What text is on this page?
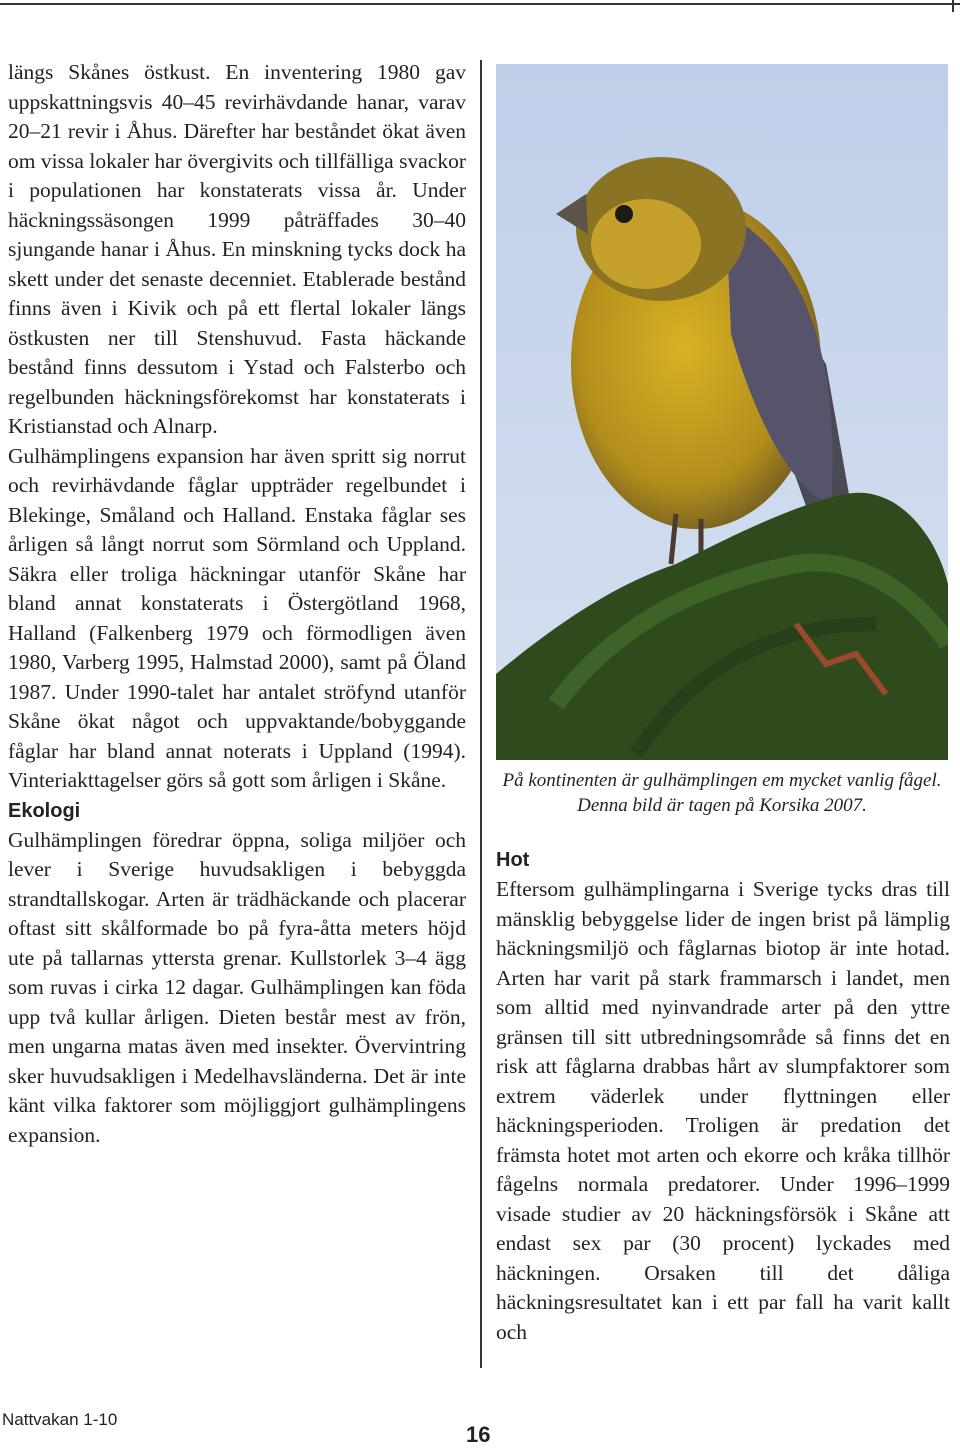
längs Skånes östkust. En inventering 1980 gav uppskattningsvis 40–45 revirhävdande hanar, varav 20–21 revir i Åhus. Därefter har beståndet ökat även om vissa lokaler har övergivits och tillfälliga svackor i populationen har konstaterats vissa år. Under häckningssäsongen 1999 påträffades 30–40 sjungande hanar i Åhus. En minskning tycks dock ha skett under det senaste decenniet. Etablerade bestånd finns även i Kivik och på ett flertal lokaler längs östkusten ner till Stenshuvud. Fasta häckande bestånd finns dessutom i Ystad och Falsterbo och regelbunden häckningsförekomst har konstaterats i Kristianstad och Alnarp.

Gulhämplingens expansion har även spritt sig norrut och revirhävdande fåglar uppträder regelbundet i Blekinge, Småland och Halland. Enstaka fåglar ses årligen så långt norrut som Sörmland och Uppland. Säkra eller troliga häckningar utanför Skåne har bland annat konstaterats i Östergötland 1968, Halland (Falkenberg 1979 och förmodligen även 1980, Varberg 1995, Halmstad 2000), samt på Öland 1987. Under 1990-talet har antalet ströfynd utanför Skåne ökat något och uppvaktande/bobyggande fåglar har bland annat noterats i Uppland (1994). Vinteriakttagelser görs så gott som årligen i Skåne.

Ekologi

Gulhämplingen föredrar öppna, soliga miljöer och lever i Sverige huvudsakligen i bebyggda strandtallskogar. Arten är trädhäckande och placerar oftast sitt skålformade bo på fyra-åtta meters höjd ute på tallarnas yttersta grenar. Kullstorlek 3–4 ägg som ruvas i cirka 12 dagar. Gulhämplingen kan föda upp två kullar årligen. Dieten består mest av frön, men ungarna matas även med insekter. Övervintring sker huvudsakligen i Medelhavsländerna. Det är inte känt vilka faktorer som möjliggjort gulhämplingens expansion.

På kontinenten är gulhämplingen em mycket vanlig fågel. Denna bild är tagen på Korsika 2007.

Hot

Eftersom gulhämplingarna i Sverige tycks dras till mänsklig bebyggelse lider de ingen brist på lämplig häckningsmiljö och fåglarnas biotop är inte hotad. Arten har varit på stark frammarsch i landet, men som alltid med nyinvandrade arter på den yttre gränsen till sitt utbredningsområde så finns det en risk att fåglarna drabbas hårt av slumpfaktorer som extrem väderlek under flyttningen eller häckningsperioden. Troligen är predation det främsta hotet mot arten och ekorre och kråka tillhör fågelns normala predatorer. Under 1996–1999 visade studier av 20 häckningsförsök i Skåne att endast sex par (30 procent) lyckades med häckningen. Orsaken till det dåliga häckningsresultatet kan i ett par fall ha varit kallt och

Nattvakan 1-10
16
